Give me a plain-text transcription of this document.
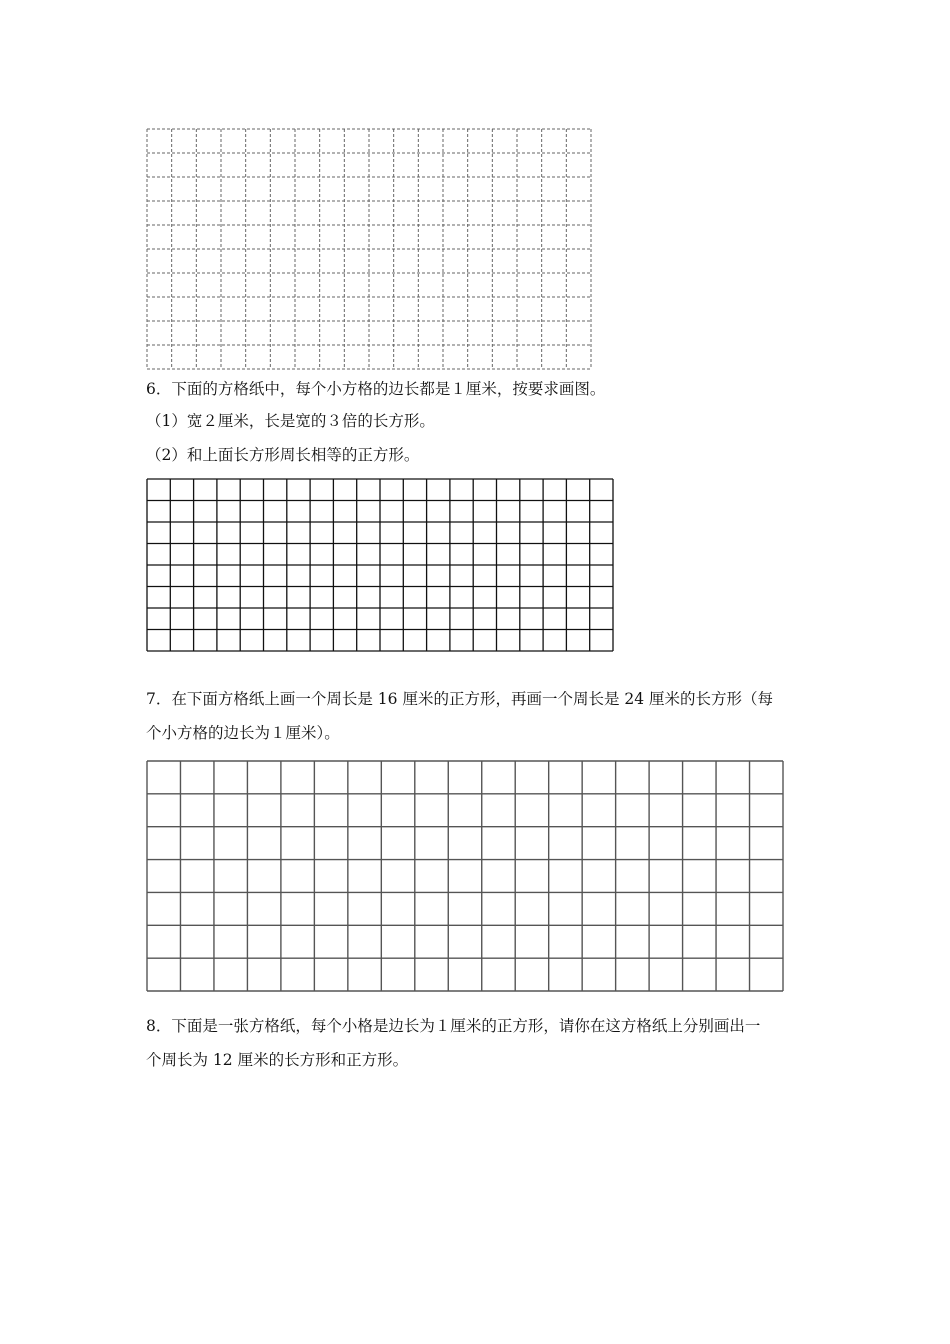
6．下面的方格纸中，每个小方格的边长都是１厘米，按要求画图。
（1）宽２厘米，长是宽的３倍的长方形。
（2）和上面长方形周长相等的正方形。
7．在下面方格纸上画一个周长是 16 厘米的正方形，再画一个周长是 24 厘米的长方形（每
个小方格的边长为１厘米）。
8．下面是一张方格纸，每个小格是边长为１厘米的正方形，请你在这方格纸上分别画出一
个周长为 12 厘米的长方形和正方形。
